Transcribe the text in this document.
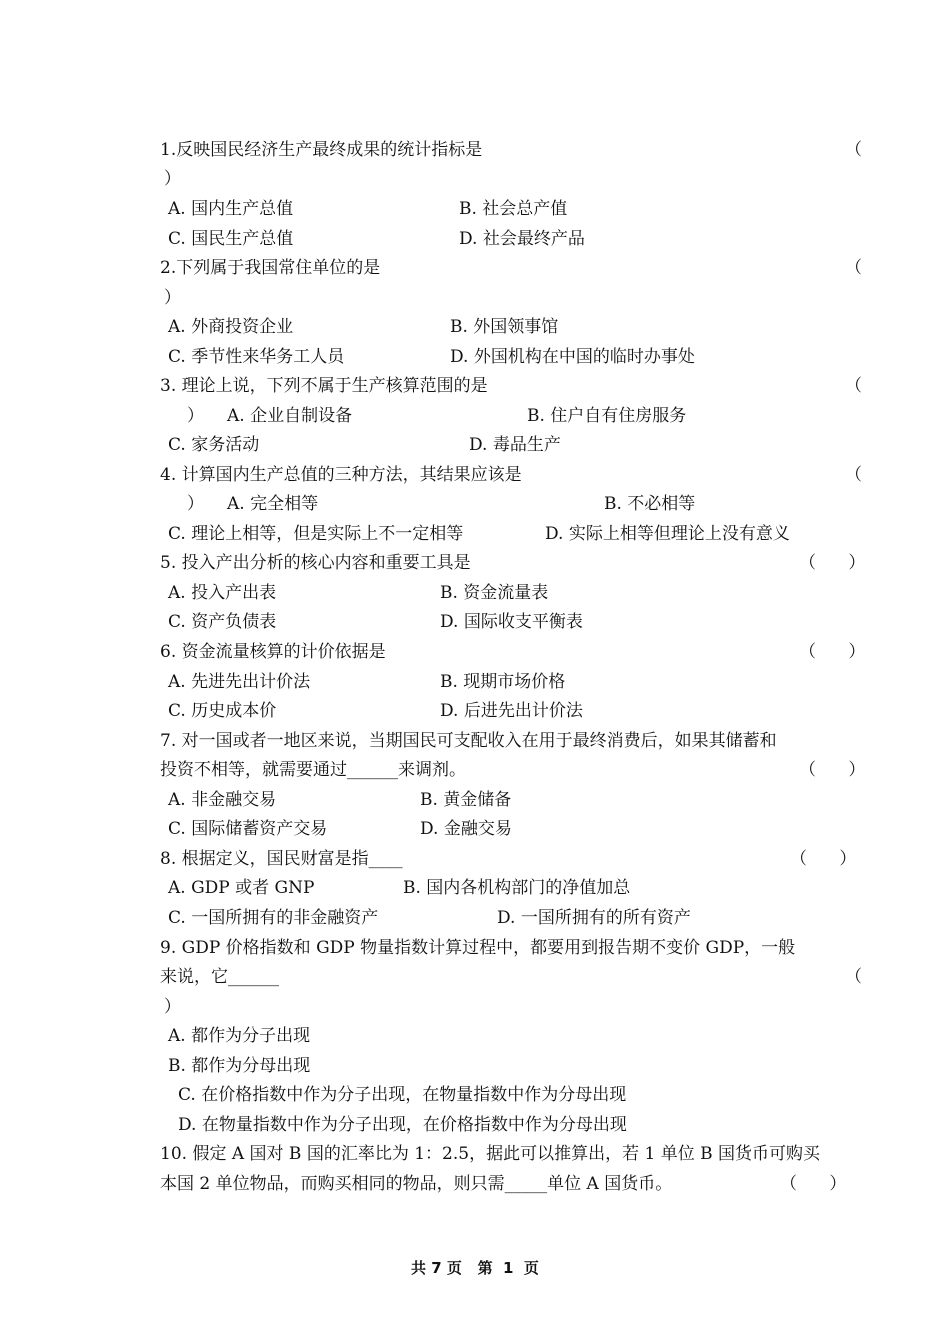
1.反映国民经济生产最终成果的统计指标是	（
）
A. 国内生产总值	B. 社会总产值
C. 国民生产总值	D. 社会最终产品
2.下列属于我国常住单位的是	（
）
A. 外商投资企业	B. 外国领事馆
C. 季节性来华务工人员	D. 外国机构在中国的临时办事处
3. 理论上说，下列不属于生产核算范围的是	（
） A. 企业自制设备	B. 住户自有住房服务
C. 家务活动	D. 毒品生产
4. 计算国内生产总值的三种方法，其结果应该是	（
） A. 完全相等	B. 不必相等
C. 理论上相等，但是实际上不一定相等	D. 实际上相等但理论上没有意义
5. 投入产出分析的核心内容和重要工具是	（      ）
A. 投入产出表	B. 资金流量表
C. 资产负债表	D. 国际收支平衡表
6. 资金流量核算的计价依据是	（      ）
A. 先进先出计价法	B. 现期市场价格
C. 历史成本价	D. 后进先出计价法
7. 对一国或者一地区来说，当期国民可支配收入在用于最终消费后，如果其储蓄和
投资不相等，就需要通过______来调剂。	（      ）
A. 非金融交易	B. 黄金储备
C. 国际储蓄资产交易	D. 金融交易
8. 根据定义，国民财富是指____	（      ）
A. GDP 或者 GNP	B. 国内各机构部门的净值加总
C. 一国所拥有的非金融资产	D. 一国所拥有的所有资产
9. GDP 价格指数和 GDP 物量指数计算过程中，都要用到报告期不变价 GDP，一般
来说，它______	（
）
A. 都作为分子出现
B. 都作为分母出现
C. 在价格指数中作为分子出现，在物量指数中作为分母出现
D. 在物量指数中作为分子出现，在价格指数中作为分母出现
10. 假定 A 国对 B 国的汇率比为 1：2.5，据此可以推算出，若 1 单位 B 国货币可购买
本国 2 单位物品，而购买相同的物品，则只需_____单位 A 国货币。	（      ）
共 7 页 第  1  页
